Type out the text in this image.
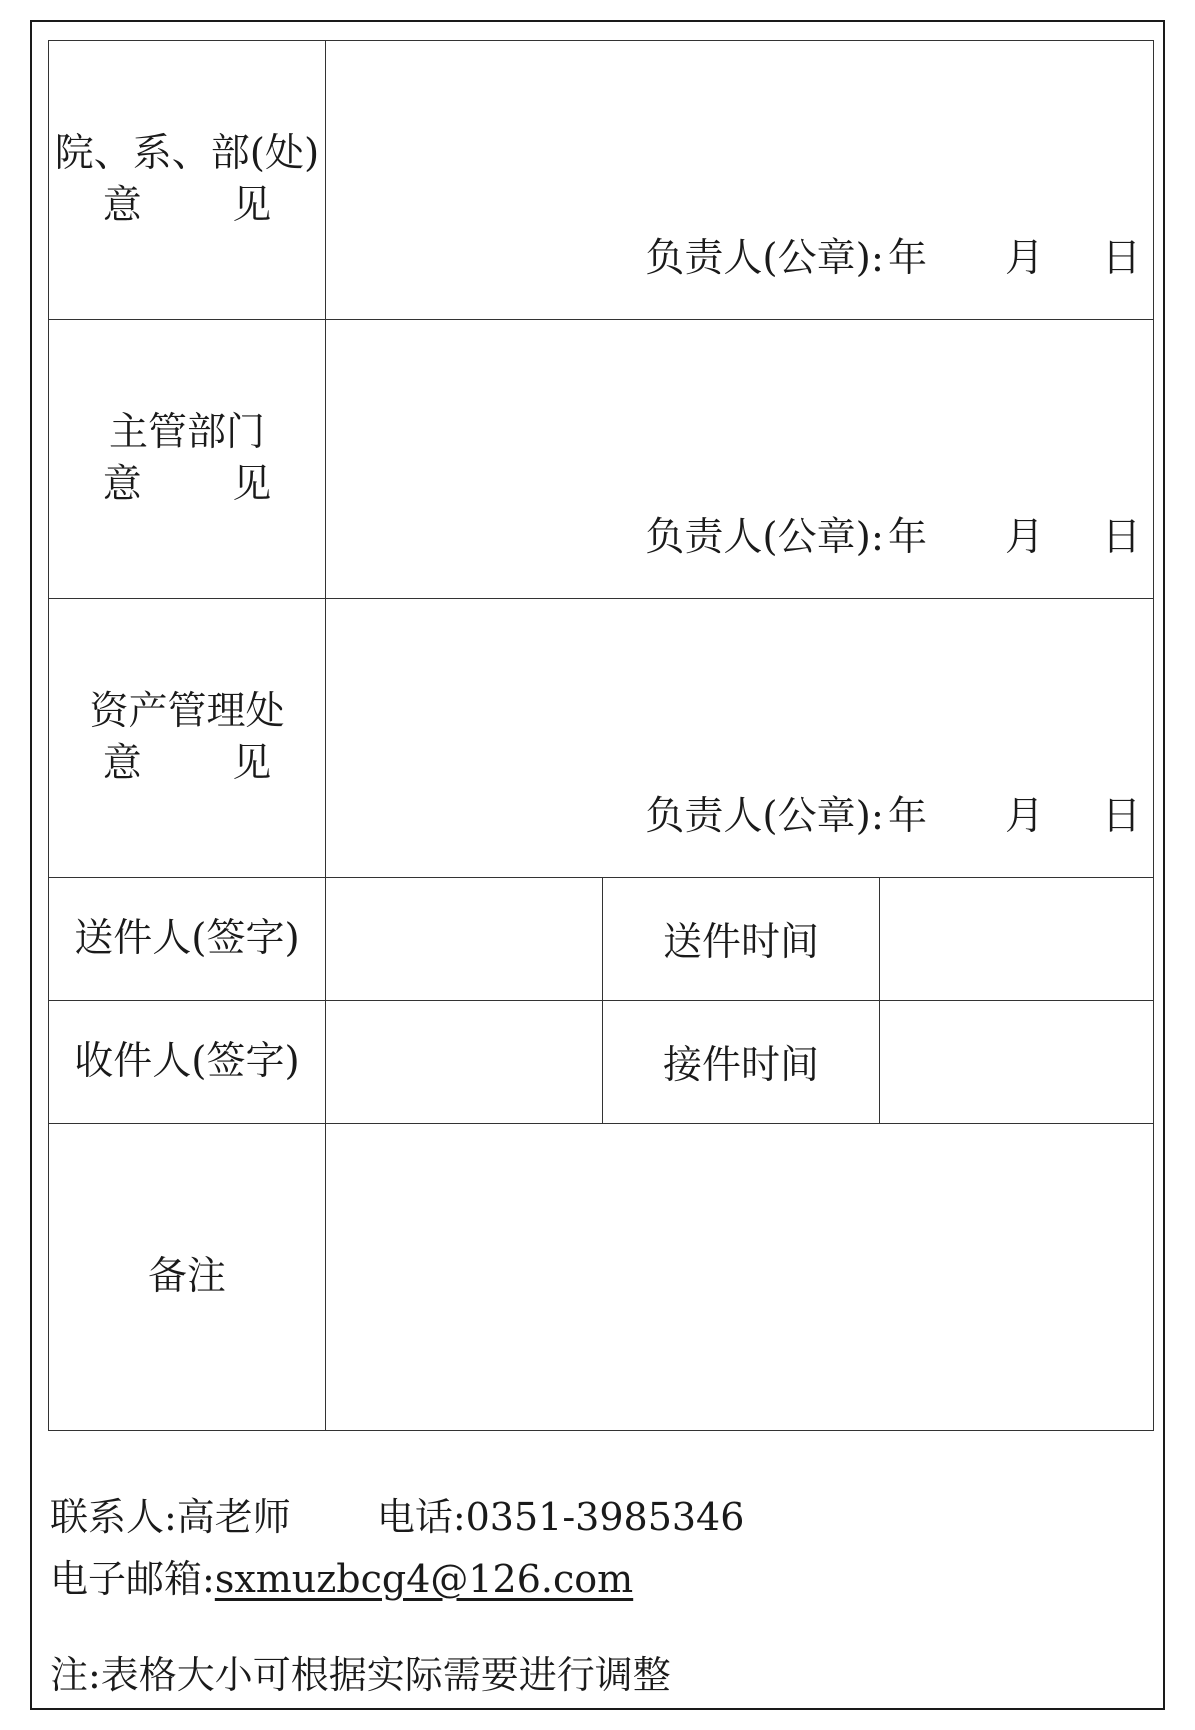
院、系、部(处)
意　　 见	负责人(公章): 年 月 日		

主管部门
意　　 见	负责人(公章): 年 月 日		

资产管理处
意　　 见	负责人(公章): 年 月 日		

送件人(签字)		送件时间	
收件人(签字)		接件时间	
备注			
联系人:高老师 电话:0351-3985346
电子邮箱:sxmuzbcg4@126.com
注:表格大小可根据实际需要进行调整
